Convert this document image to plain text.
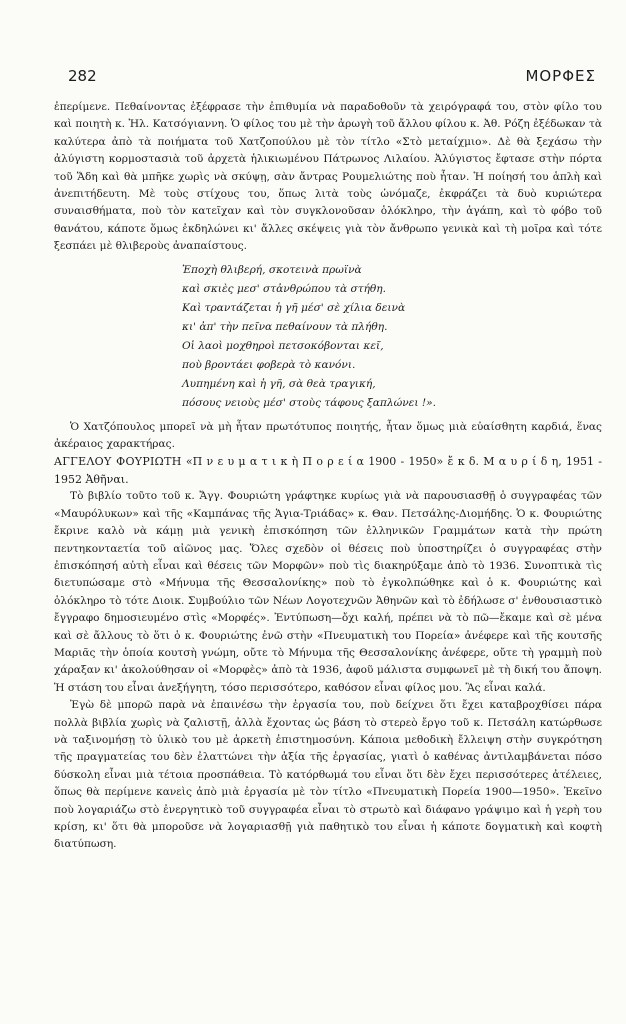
282	ΜΟΡΦΕΣ

ἐπερίμενε. Πεθαίνοντας ἐξέφρασε τὴν ἐπιθυμία νὰ παραδοθοῦν τὰ χειρόγραφά του, στὸν φίλο του καὶ ποιητὴ κ. Ἠλ. Κατσόγιαννη. Ὁ φίλος του μὲ τὴν ἀρωγὴ τοῦ ἄλλου φίλου κ. Ἀθ. Ρόζη ἐξέδωκαν τὰ καλύτερα ἀπὸ τὰ ποιήματα τοῦ Χατζοπούλου μὲ τὸν τίτλο «Στὸ μεταίχμιο». Δὲ θὰ ξεχάσω τὴν ἀλύγιστη κορμοστασιὰ τοῦ ἀρχετὰ ἡλικιωμένου Πάτρωνος Λιλαίου. Ἀλύγιστος ἔφτασε στὴν πόρτα τοῦ Ἅδη καὶ θὰ μπῆκε χωρὶς νὰ σκύψῃ, σὰν ἄντρας Ρουμελιώτης ποὺ ἦταν. Ἡ ποίησή του ἁπλὴ καὶ ἀνεπιτήδευτη. Μὲ τοὺς στίχους του, ὅπως λιτὰ τοὺς ὠνόμαζε, ἐκφράζει τὰ δυὸ κυριώτερα συναισθήματα, ποὺ τὸν κατεῖχαν καὶ τὸν συγκλονοῦσαν ὁλόκληρο, τὴν ἀγάπη, καὶ τὸ φόβο τοῦ θανάτου, κάποτε ὅμως ἐκδηλώνει κι' ἄλλες σκέψεις γιὰ τὸν ἄνθρωπο γενικὰ καὶ τὴ μοῖρα καὶ τότε ξεσπάει μὲ θλιβεροὺς ἀναπαίστους.

Ἐποχὴ θλιβερή, σκοτεινὰ πρωϊνὰ
καὶ σκιὲς μεσ' στἀνθρώπου τὰ στήθη.
Καὶ τραντάζεται ἡ γῆ μέσ' σὲ χίλια δεινὰ
κι' ἀπ' τὴν πεῖνα πεθαίνουν τὰ πλήθη.
Οἱ λαοὶ μοχθηροὶ πετσοκόβονται κεῖ,
ποὺ βροντάει φοβερὰ τὸ κανόνι.
Λυπημένη καὶ ἡ γῆ, σὰ θεὰ τραγική,
πόσους νειοὺς μέσ' στοὺς τάφους ξαπλώνει !».

Ὁ Χατζόπουλος μπορεῖ νὰ μὴ ἦταν πρωτότυπος ποιητής, ἦταν ὅμως μιὰ εὐαίσθητη καρδιά, ἕνας ἀκέραιος χαρακτήρας.

ΑΓΓΕΛΟΥ ΦΟΥΡΙΩΤΗ «Π ν ε υ μ α τ ι κ ὴ Π ο ρ ε ί α 1900 - 1950» ἔ κ δ. Μ α υ ρ ί δ η, 1951 - 1952 Ἀθῆναι.

Τὸ βιβλίο τοῦτο τοῦ κ. Ἄγγ. Φουριώτη γράφτηκε κυρίως γιὰ νὰ παρουσιασθῇ ὁ συγγραφέας τῶν «Μαυρόλυκων» καὶ τῆς «Καμπάνας τῆς Ἁγια-Τριάδας» κ. Θαν. Πετσάλης-Διομήδης. Ὁ κ. Φουριώτης ἔκρινε καλὸ νὰ κάμῃ μιὰ γενικὴ ἐπισκόπηση τῶν ἑλληνικῶν Γραμμάτων κατὰ τὴν πρώτη πεντηκονταετία τοῦ αἰῶνος μας. Ὅλες σχεδὸν οἱ θέσεις ποὺ ὑποστηρίζει ὁ συγγραφέας στὴν ἐπισκόπησή αὐτὴ εἶναι καὶ θέσεις τῶν Μορφῶν» ποὺ τὶς διακηρύξαμε ἀπὸ τὸ 1936. Συνοπτικὰ τὶς διετυπώσαμε στὸ «Μήνυμα τῆς Θεσσαλονίκης» ποὺ τὸ ἐγκολπώθηκε καὶ ὁ κ. Φουριώτης καὶ ὁλόκληρο τὸ τότε Διοικ. Συμβούλιο τῶν Νέων Λογοτεχνῶν Ἀθηνῶν καὶ τὸ ἐδήλωσε σ' ἐνθουσιαστικὸ ἔγγραφο δημοσιευμένο στὶς «Μορφές». Ἐντύπωση—ὄχι καλή, πρέπει νὰ τὸ πῶ—ἔκαμε καὶ σὲ μένα καὶ σὲ ἄλλους τὸ ὅτι ὁ κ. Φουριώτης ἐνῶ στὴν «Πνευματικὴ του Πορεία» ἀνέφερε καὶ τῆς κουτσῆς Μαριᾶς τὴν ὁποία κουτσὴ γνώμη, οὔτε τὸ Μήνυμα τῆς Θεσσαλονίκης ἀνέφερε, οὔτε τὴ γραμμὴ ποὺ χάραξαν κι' ἀκολούθησαν οἱ «Μορφὲς» ἀπὸ τὰ 1936, ἀφοῦ μάλιστα συμφωνεῖ μὲ τὴ δική του ἄποψη. Ἡ στάση του εἶναι ἀνεξήγητη, τόσο περισσότερο, καθόσον εἶναι φίλος μου. Ἂς εἶναι καλά.

Ἐγὼ δὲ μπορῶ παρὰ νὰ ἐπαινέσω τὴν ἐργασία του, ποὺ δείχνει ὅτι ἔχει καταβροχθίσει πάρα πολλὰ βιβλία χωρὶς νὰ ζαλιστῇ, ἀλλὰ ἔχοντας ὡς βάση τὸ στερεὸ ἔργο τοῦ κ. Πετσάλη κατώρθωσε νὰ ταξινομήσῃ τὸ ὑλικὸ του μὲ ἀρκετὴ ἐπιστημοσύνη. Κάποια μεθοδικὴ ἔλλειψη στὴν συγκρότηση τῆς πραγματείας του δὲν ἐλαττώνει τὴν ἀξία τῆς ἐργασίας, γιατὶ ὁ καθένας ἀντιλαμβάνεται πόσο δύσκολη εἶναι μιὰ τέτοια προσπάθεια. Τὸ κατόρθωμά του εἶναι ὅτι δὲν ἔχει περισσότερες ἀτέλειες, ὅπως θὰ περίμενε κανεὶς ἀπὸ μιὰ ἐργασία μὲ τὸν τίτλο «Πνευματικὴ Πορεία 1900—1950». Ἐκεῖνο ποὺ λογαριάζω στὸ ἐνεργητικὸ τοῦ συγγραφέα εἶναι τὸ στρωτὸ καὶ διάφανο γράψιμο καὶ ἡ γερὴ του κρίση, κι' ὅτι θὰ μποροῦσε νὰ λογαριασθῇ γιὰ παθητικὸ του εἶναι ἡ κάποτε δογματικὴ καὶ κοφτὴ διατύπωση.
